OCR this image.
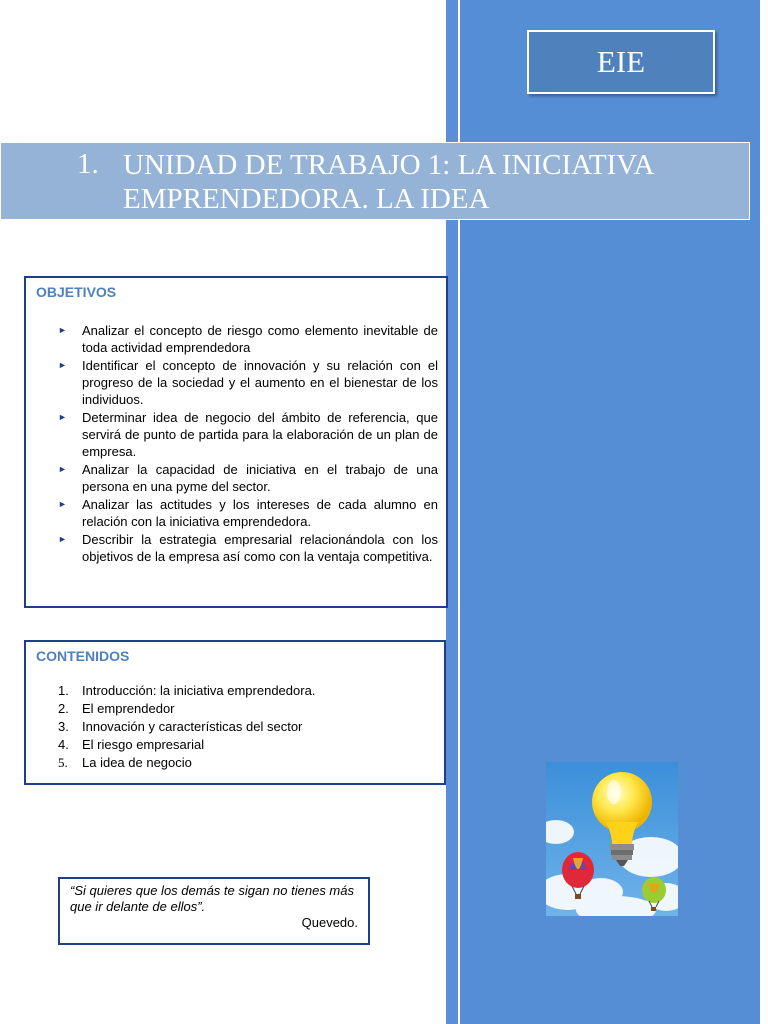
EIE
1. UNIDAD DE TRABAJO 1: LA INICIATIVA EMPRENDEDORA. LA IDEA
OBJETIVOS
► Analizar el concepto de riesgo como elemento inevitable de toda actividad emprendedora
► Identificar el concepto de innovación y su relación con el progreso de la sociedad y el aumento en el bienestar de los individuos.
► Determinar idea de negocio del ámbito de referencia, que servirá de punto de partida para la elaboración de un plan de empresa.
► Analizar la capacidad de iniciativa en el trabajo de una persona en una pyme del sector.
► Analizar las actitudes y los intereses de cada alumno en relación con la iniciativa emprendedora.
► Describir la estrategia empresarial relacionándola con los objetivos de la empresa así como con la ventaja competitiva.
CONTENIDOS
1. Introducción: la iniciativa emprendedora.
2. El emprendedor
3. Innovación y características del sector
4. El riesgo empresarial
5. La idea de negocio
“Si quieres que los demás te sigan no tienes más que ir delante de ellos”.
Quevedo.
